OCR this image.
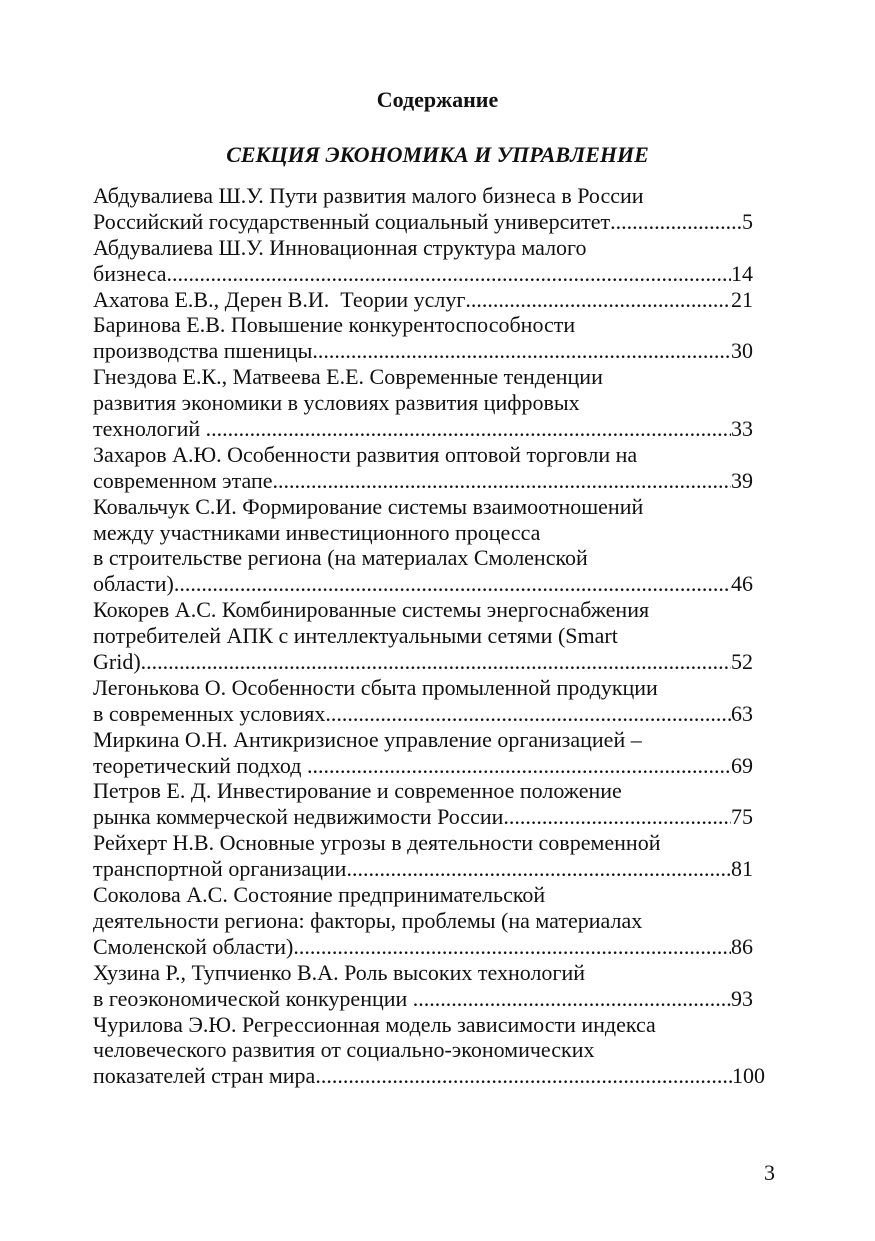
Содержание
СЕКЦИЯ ЭКОНОМИКА И УПРАВЛЕНИЕ
Абдувалиева Ш.У. Пути развития малого бизнеса в России
Российский государственный социальный университет .....	5
Абдувалиева Ш.У. Инновационная структура малого
бизнеса .....	14
Ахатова Е.В., Дерен В.И.  Теории услуг .....	21
Баринова Е.В. Повышение конкурентоспособности
производства пшеницы .....	30
Гнездова Е.К., Матвеева Е.Е. Современные тенденции
развития экономики в условиях развития цифровых
технологий .....	33
Захаров А.Ю. Особенности развития оптовой торговли на
современном этапе .....	39
Ковальчук С.И. Формирование системы взаимоотношений
между участниками инвестиционного процесса
в строительстве региона (на материалах Смоленской
области) .....	46
Кокорев А.С. Комбинированные системы энергоснабжения
потребителей АПК с интеллектуальными сетями (Smart
Grid) .....	52
Легонькова О. Особенности сбыта промыленной продукции
в современных условиях .....	63
Миркина О.Н. Антикризисное управление организацией –
теоретический подход .....	69
Петров Е. Д. Инвестирование и современное положение
рынка коммерческой недвижимости России .....	75
Рейхерт Н.В. Основные угрозы в деятельности современной
транспортной организации .....	81
Соколова А.С. Состояние предпринимательской
деятельности региона: факторы, проблемы (на материалах
Смоленской области) .....	86
Хузина Р., Тупчиенко В.А. Роль высоких технологий
в геоэкономической конкуренции .....	93
Чурилова Э.Ю. Регрессионная модель зависимости индекса
человеческого развития от социально-экономических
показателей стран мира .....	100
3
